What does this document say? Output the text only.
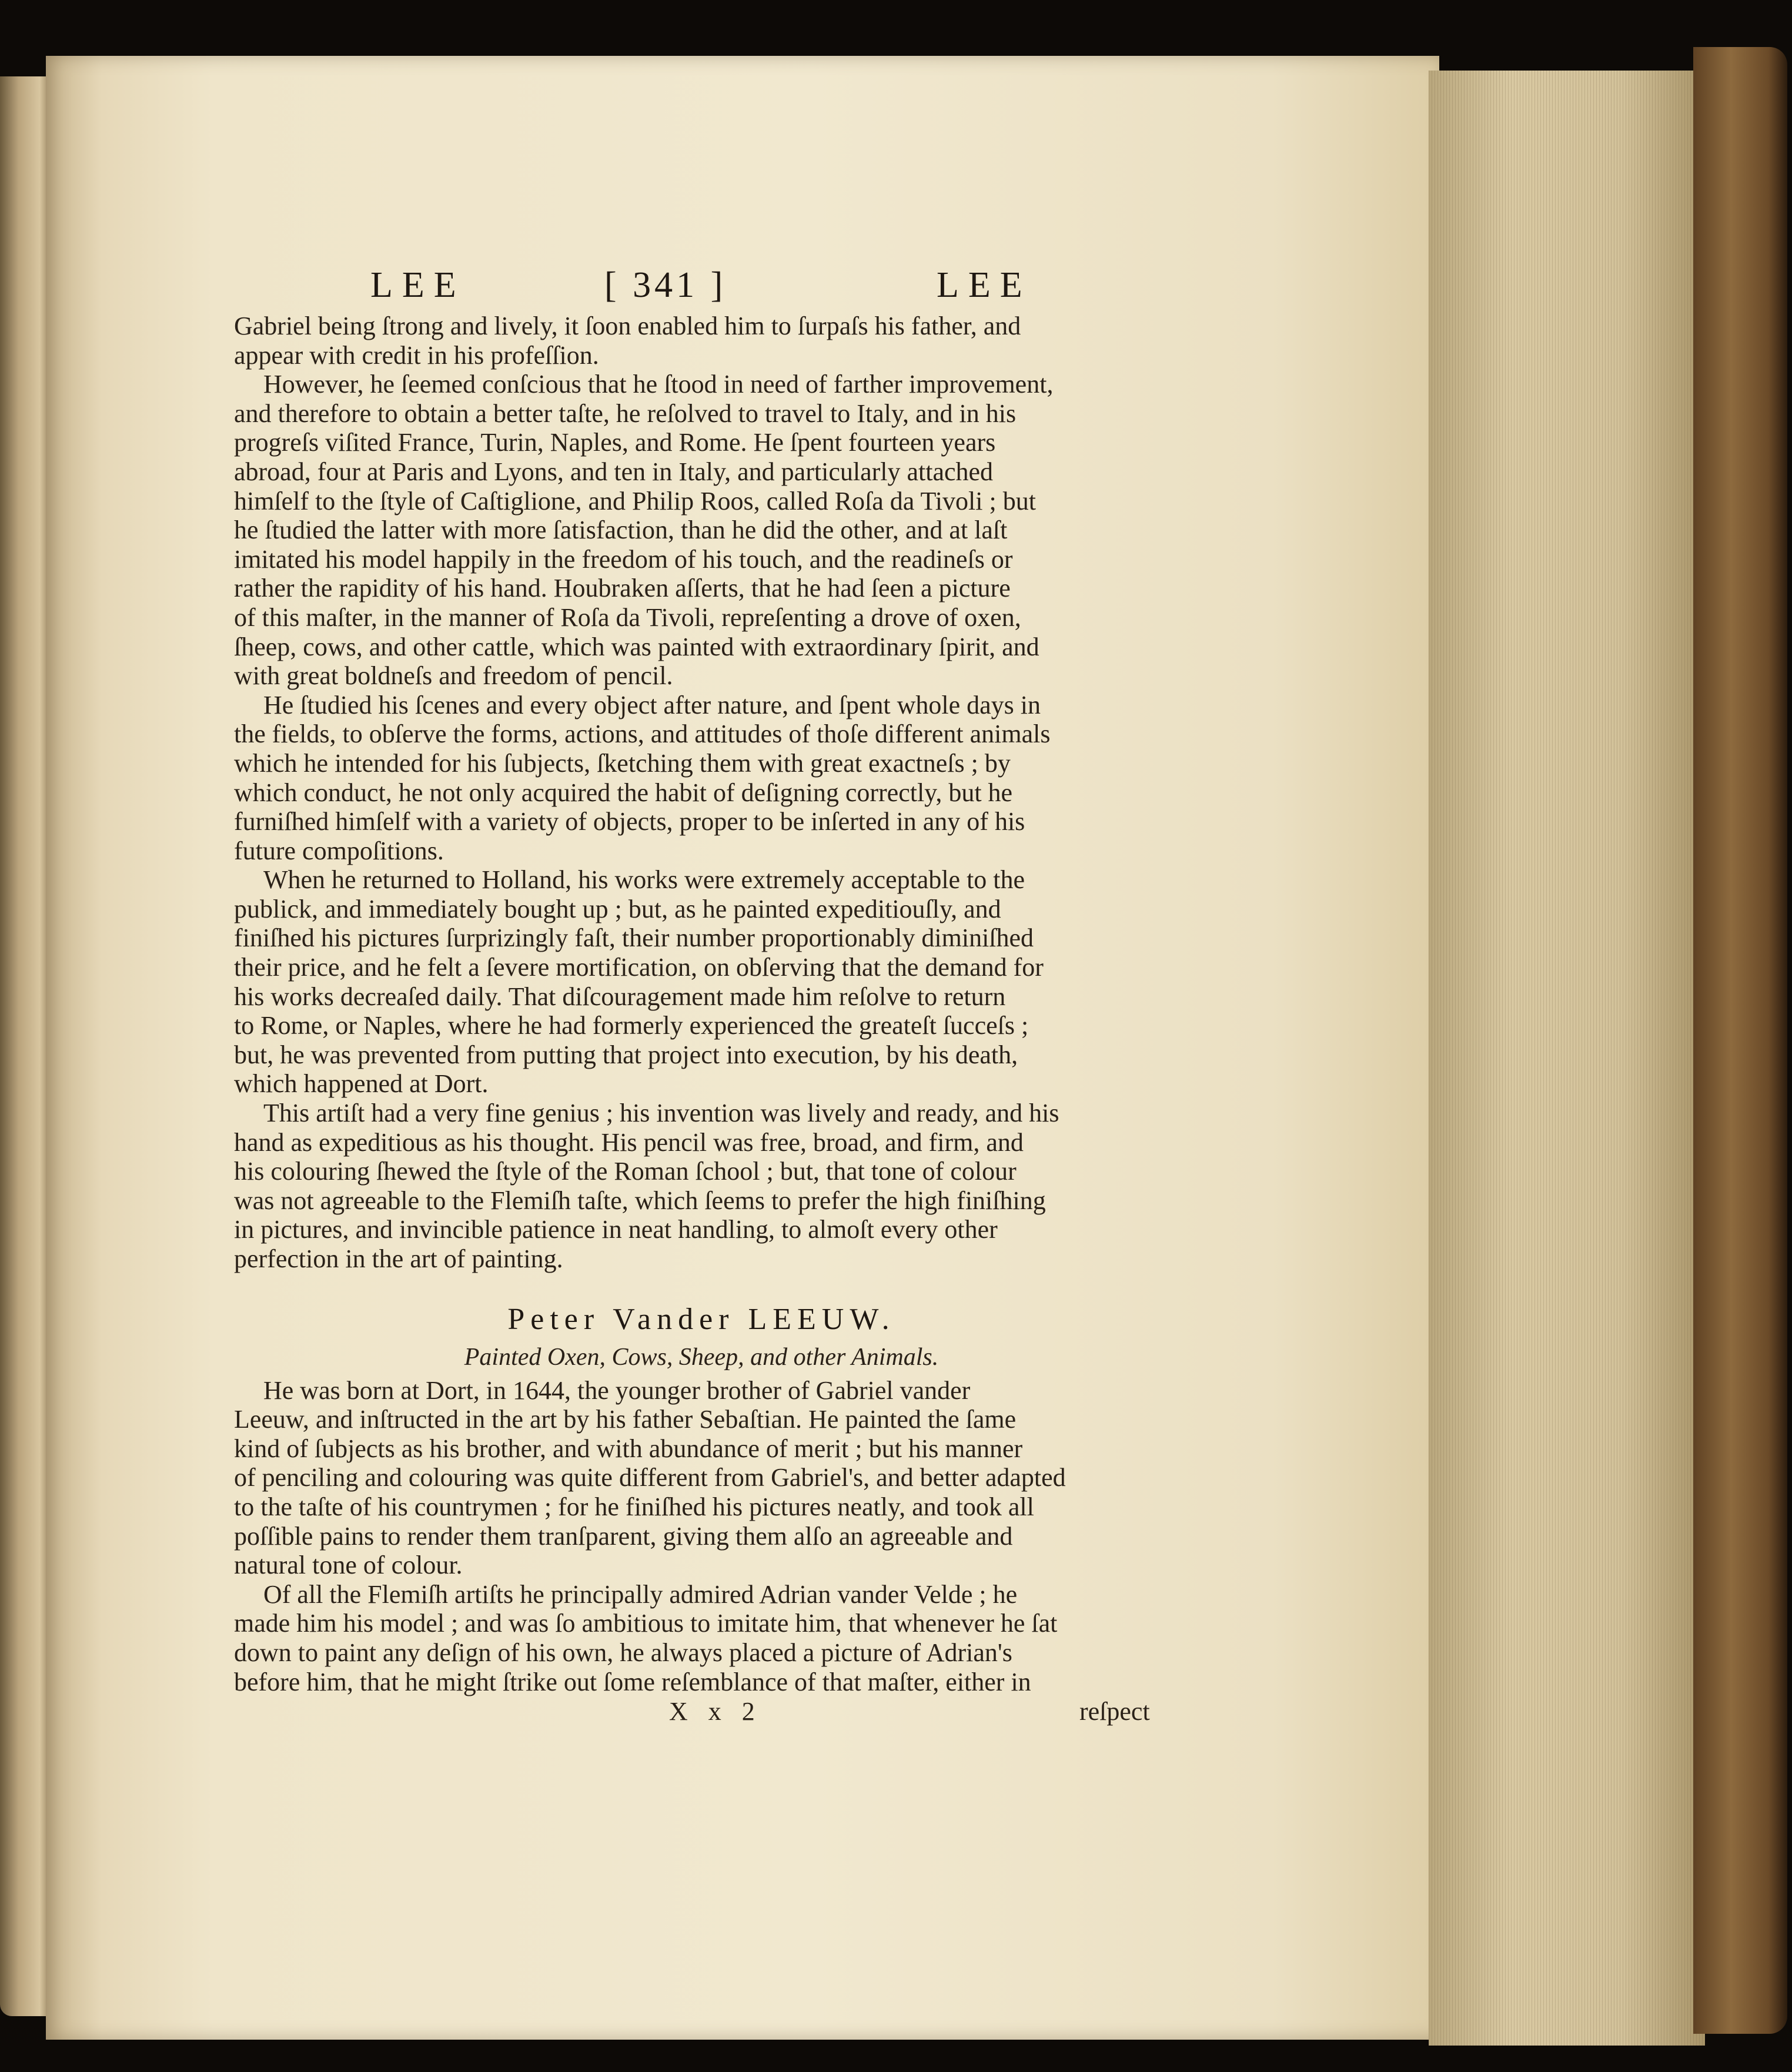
LEE	[ 341 ]	LEE

Gabriel being ſtrong and lively, it ſoon enabled him to ſurpaſs his father, and
appear with credit in his profeſſion.

However, he ſeemed conſcious that he ſtood in need of farther improvement,
and therefore to obtain a better taſte, he reſolved to travel to Italy, and in his
progreſs viſited France, Turin, Naples, and Rome. He ſpent fourteen years
abroad, four at Paris and Lyons, and ten in Italy, and particularly attached
himſelf to the ſtyle of Caſtiglione, and Philip Roos, called Roſa da Tivoli ; but
he ſtudied the latter with more ſatisfaction, than he did the other, and at laſt
imitated his model happily in the freedom of his touch, and the readineſs or
rather the rapidity of his hand. Houbraken aſſerts, that he had ſeen a picture
of this maſter, in the manner of Roſa da Tivoli, repreſenting a drove of oxen,
ſheep, cows, and other cattle, which was painted with extraordinary ſpirit, and
with great boldneſs and freedom of pencil.

He ſtudied his ſcenes and every object after nature, and ſpent whole days in
the fields, to obſerve the forms, actions, and attitudes of thoſe different animals
which he intended for his ſubjects, ſketching them with great exactneſs ; by
which conduct, he not only acquired the habit of deſigning correctly, but he
furniſhed himſelf with a variety of objects, proper to be inſerted in any of his
future compoſitions.

When he returned to Holland, his works were extremely acceptable to the
publick, and immediately bought up ; but, as he painted expeditiouſly, and
finiſhed his pictures ſurprizingly faſt, their number proportionably diminiſhed
their price, and he felt a ſevere mortification, on obſerving that the demand for
his works decreaſed daily. That diſcouragement made him reſolve to return
to Rome, or Naples, where he had formerly experienced the greateſt ſucceſs ;
but, he was prevented from putting that project into execution, by his death,
which happened at Dort.

This artiſt had a very fine genius ; his invention was lively and ready, and his
hand as expeditious as his thought. His pencil was free, broad, and firm, and
his colouring ſhewed the ſtyle of the Roman ſchool ; but, that tone of colour
was not agreeable to the Flemiſh taſte, which ſeems to prefer the high finiſhing
in pictures, and invincible patience in neat handling, to almoſt every other
perfection in the art of painting.

Peter Vander LEEUW.
Painted Oxen, Cows, Sheep, and other Animals.

He was born at Dort, in 1644, the younger brother of Gabriel vander
Leeuw, and inſtructed in the art by his father Sebaſtian. He painted the ſame
kind of ſubjects as his brother, and with abundance of merit ; but his manner
of penciling and colouring was quite different from Gabriel's, and better adapted
to the taſte of his countrymen ; for he finiſhed his pictures neatly, and took all
poſſible pains to render them tranſparent, giving them alſo an agreeable and
natural tone of colour.

Of all the Flemiſh artiſts he principally admired Adrian vander Velde ; he
made him his model ; and was ſo ambitious to imitate him, that whenever he ſat
down to paint any deſign of his own, he always placed a picture of Adrian's
before him, that he might ſtrike out ſome reſemblance of that maſter, either in

X x 2	reſpect
